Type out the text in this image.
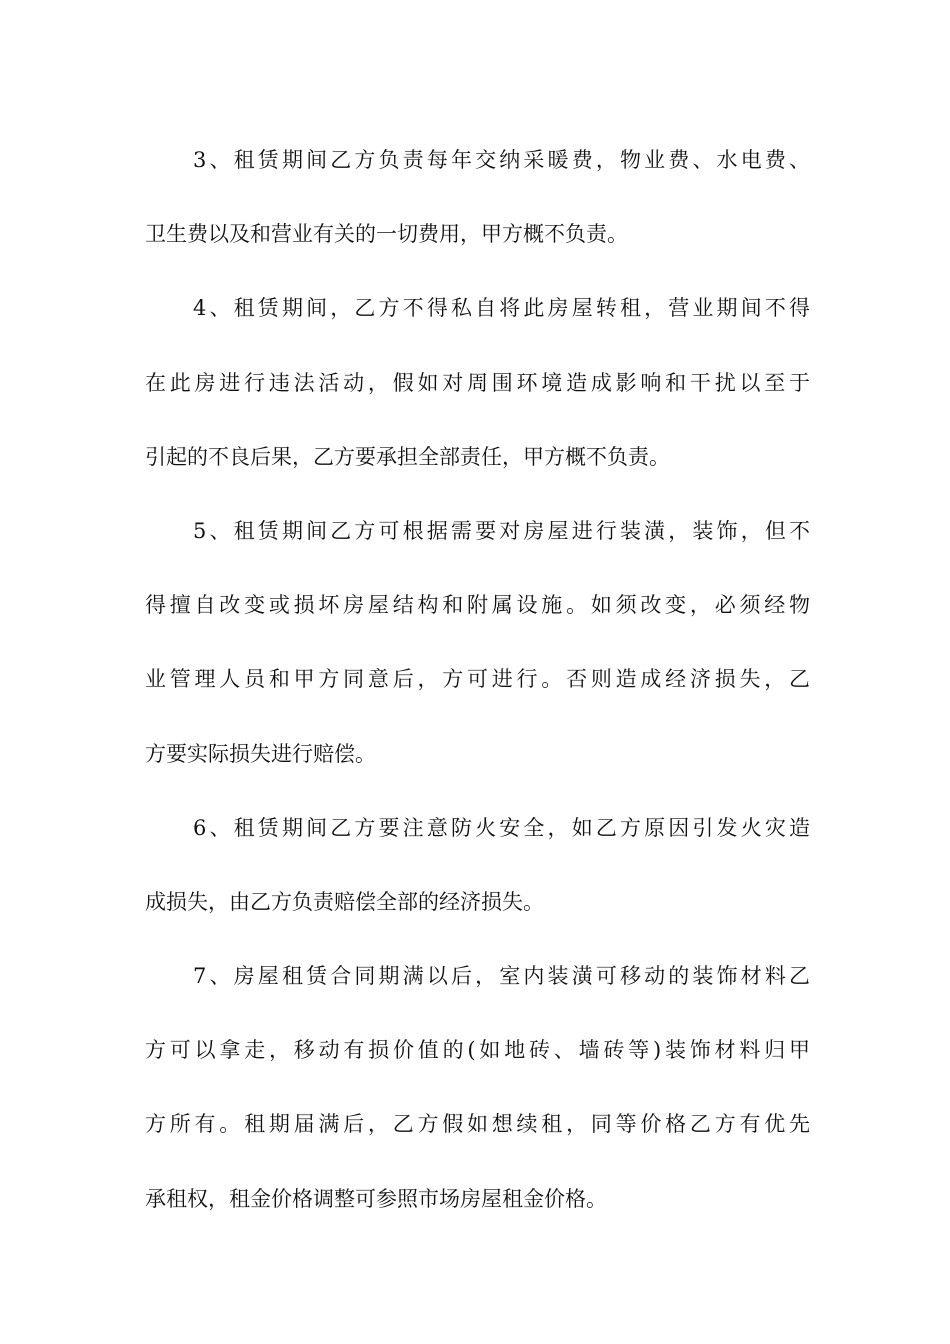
3、租赁期间乙方负责每年交纳采暖费，物业费、水电费、
卫生费以及和营业有关的一切费用，甲方概不负责。
4、租赁期间，乙方不得私自将此房屋转租，营业期间不得
在此房进行违法活动，假如对周围环境造成影响和干扰以至于
引起的不良后果，乙方要承担全部责任，甲方概不负责。
5、租赁期间乙方可根据需要对房屋进行装潢，装饰，但不
得擅自改变或损坏房屋结构和附属设施。如须改变，必须经物
业管理人员和甲方同意后，方可进行。否则造成经济损失，乙
方要实际损失进行赔偿。
6、租赁期间乙方要注意防火安全，如乙方原因引发火灾造
成损失，由乙方负责赔偿全部的经济损失。
7、房屋租赁合同期满以后，室内装潢可移动的装饰材料乙
方可以拿走，移动有损价值的(如地砖、墙砖等)装饰材料归甲
方所有。租期届满后，乙方假如想续租，同等价格乙方有优先
承租权，租金价格调整可参照市场房屋租金价格。
